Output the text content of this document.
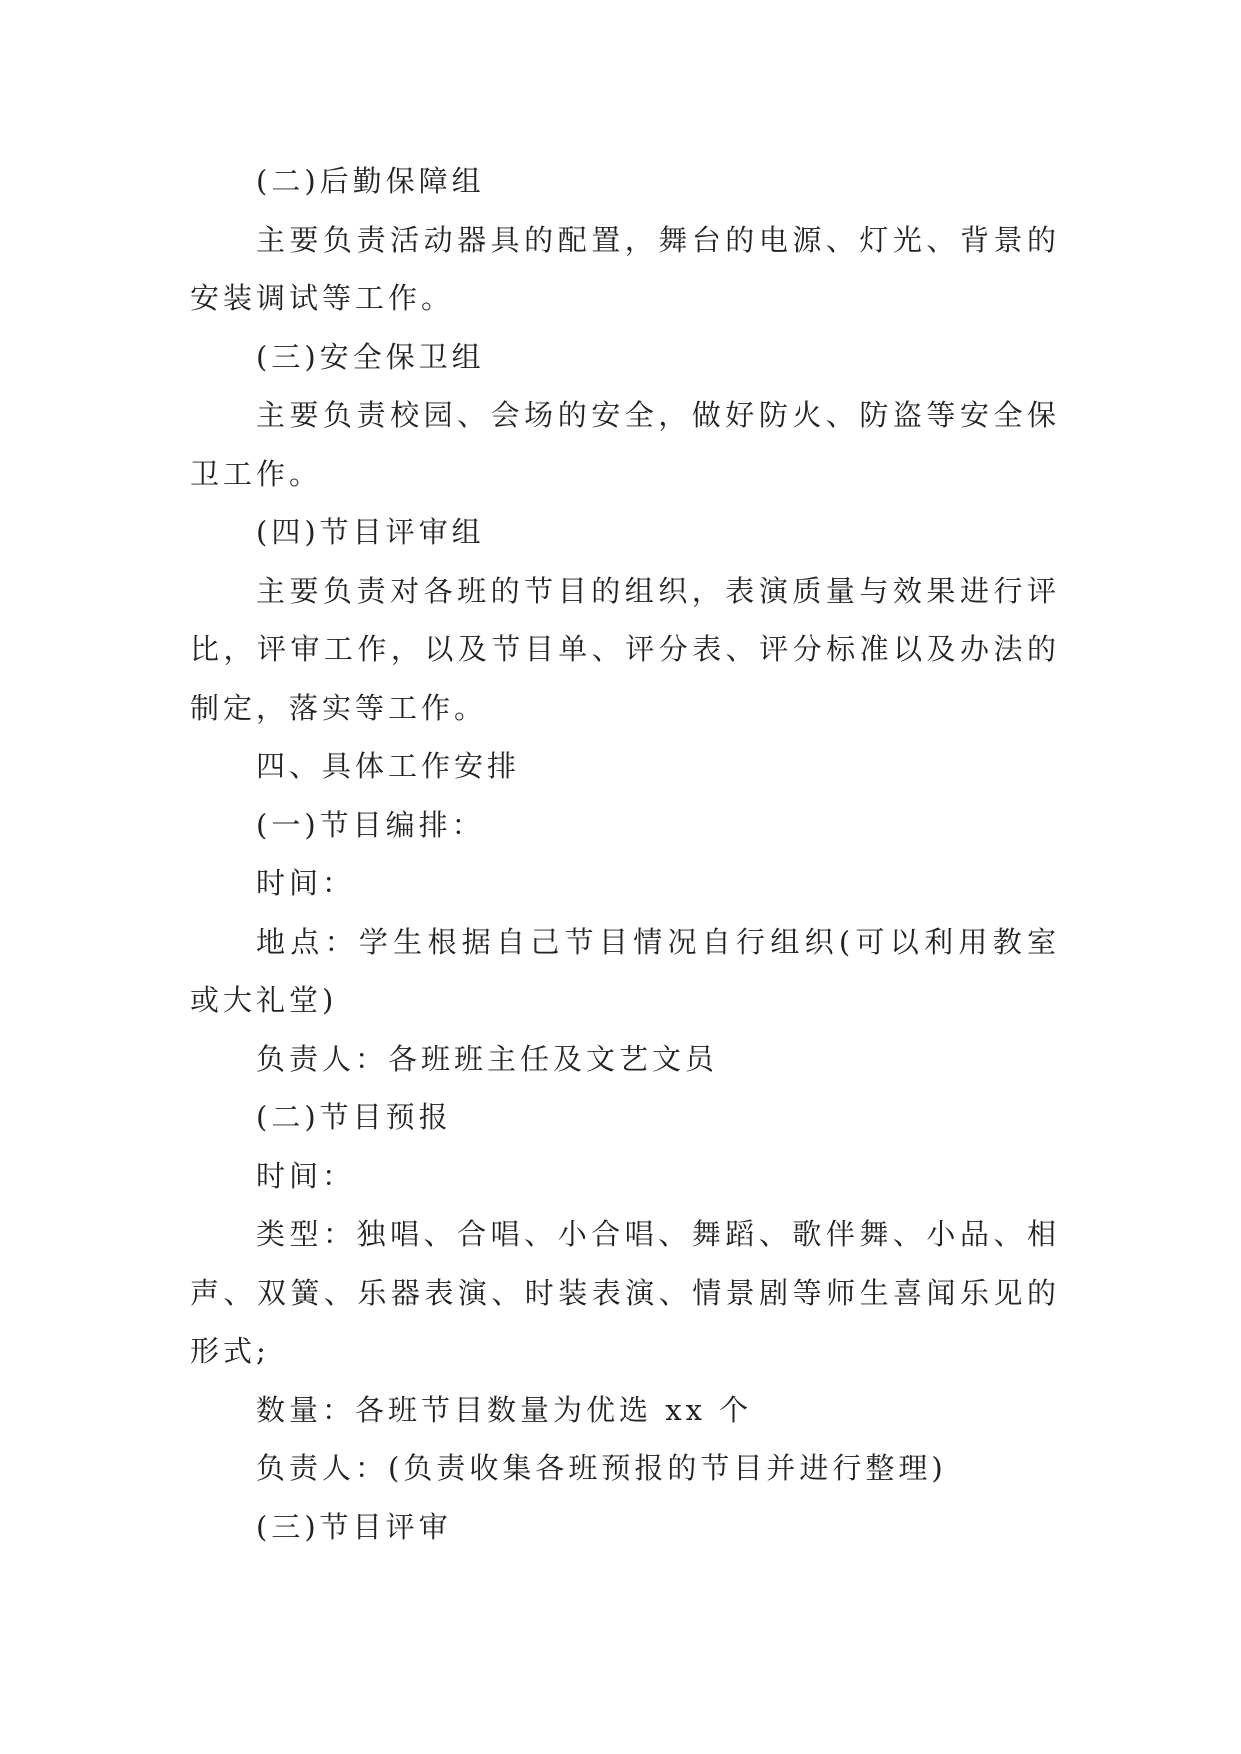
(二)后勤保障组

主要负责活动器具的配置，舞台的电源、灯光、背景的安装调试等工作。

(三)安全保卫组

主要负责校园、会场的安全，做好防火、防盗等安全保卫工作。

(四)节目评审组

主要负责对各班的节目的组织，表演质量与效果进行评比，评审工作，以及节目单、评分表、评分标准以及办法的制定，落实等工作。

四、具体工作安排

(一)节目编排：

时间：

地点：学生根据自己节目情况自行组织(可以利用教室或大礼堂)

负责人：各班班主任及文艺文员

(二)节目预报

时间：

类型：独唱、合唱、小合唱、舞蹈、歌伴舞、小品、相声、双簧、乐器表演、时装表演、情景剧等师生喜闻乐见的形式;

数量：各班节目数量为优选 xx 个

负责人：(负责收集各班预报的节目并进行整理)

(三)节目评审
